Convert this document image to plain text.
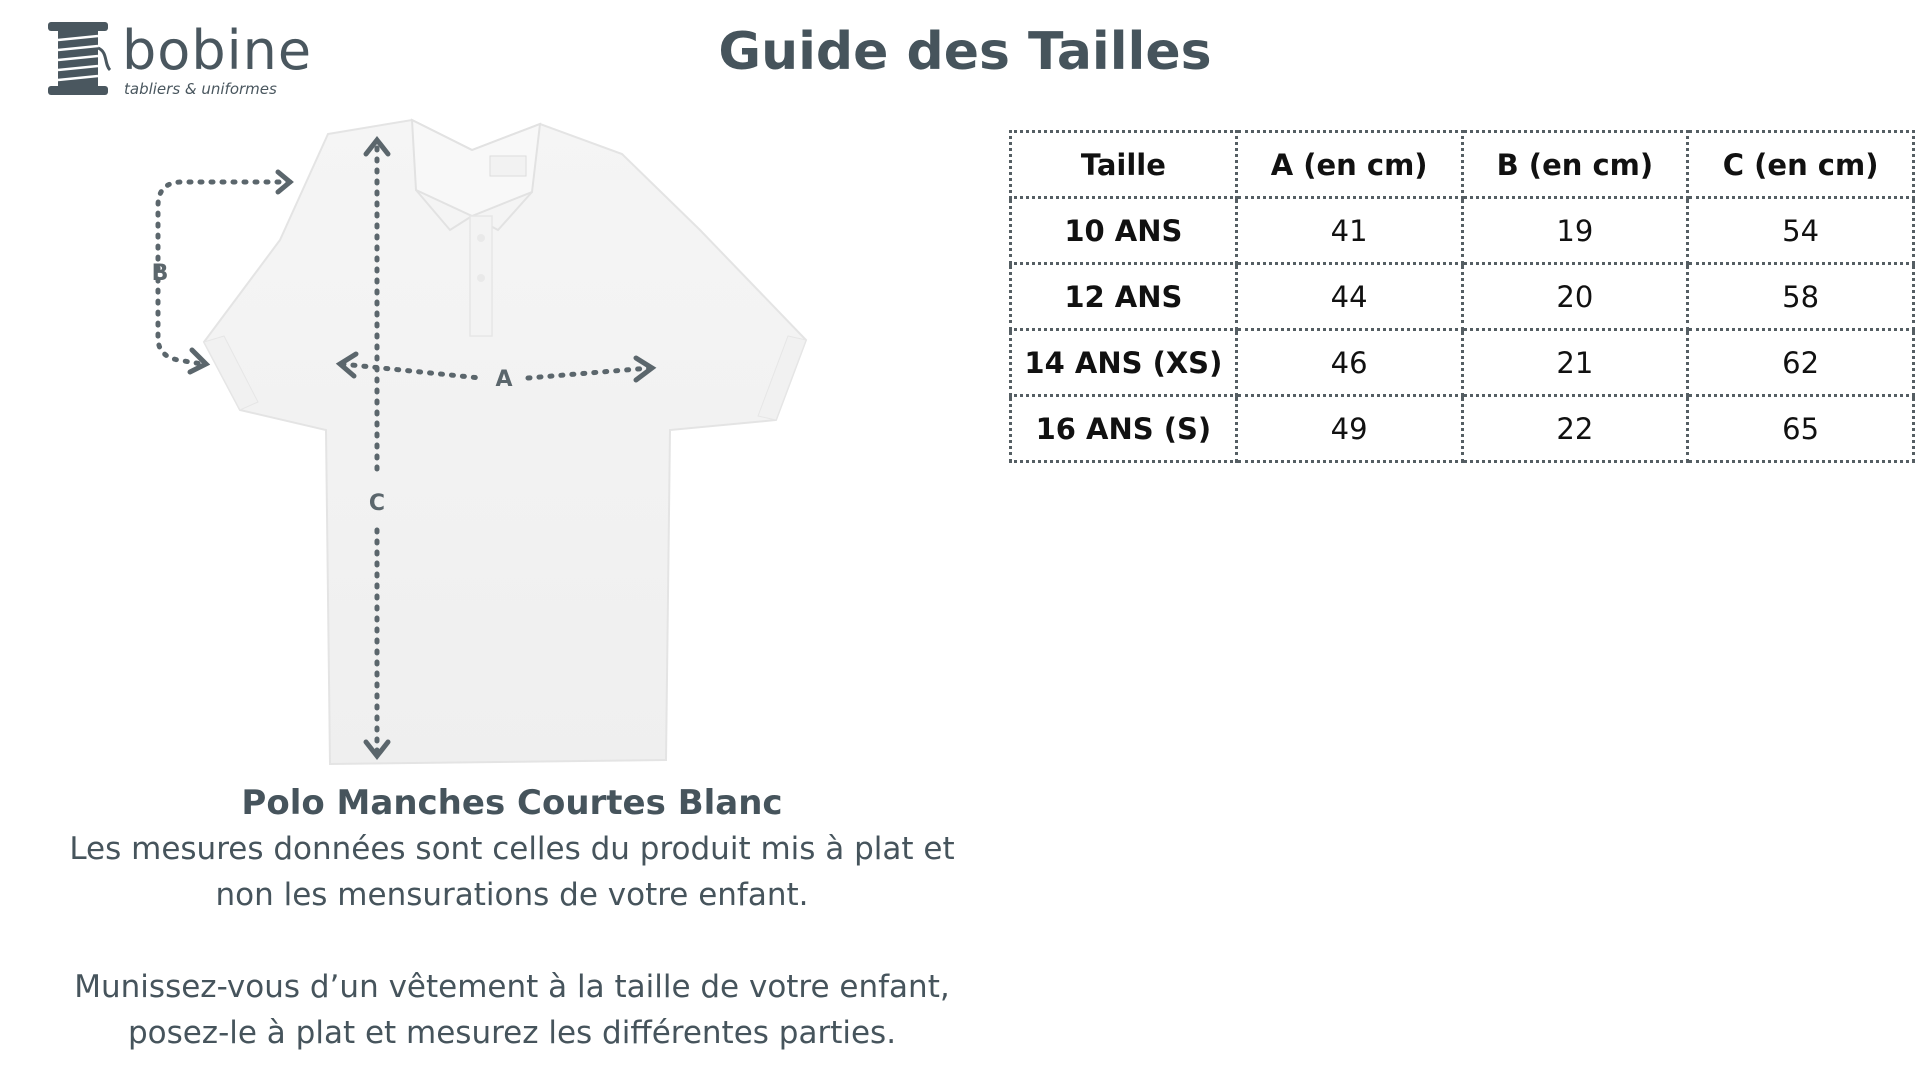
bobine
tabliers & uniformes
Guide des Tailles
B
C
A
Polo Manches Courtes Blanc

Les mesures données sont celles du produit mis à plat et

non les mensurations de votre enfant.

Munissez-vous d’un vêtement à la taille de votre enfant,

posez-le à plat et mesurez les différentes parties.

Taille	A (en cm)	B (en cm)	C (en cm)
10 ANS	41	19	54
12 ANS	44	20	58
14 ANS (XS)	46	21	62
16 ANS (S)	49	22	65
